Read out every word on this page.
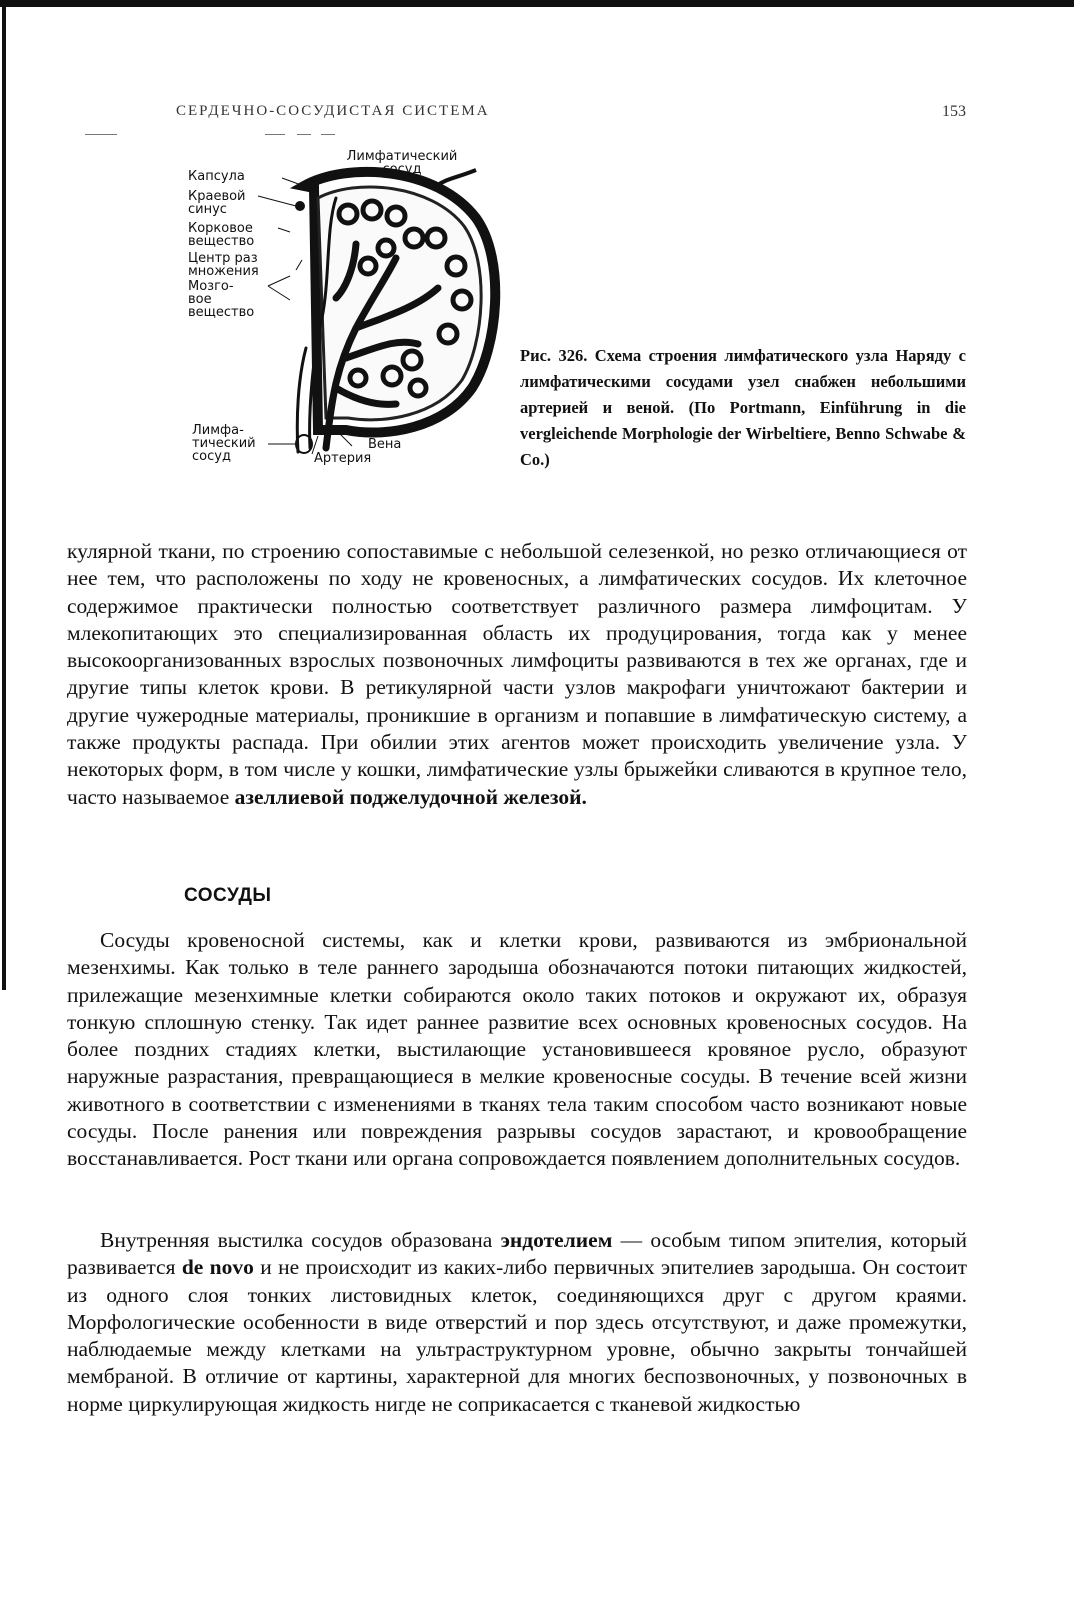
СЕРДЕЧНО-СОСУДИСТАЯ СИСТЕМА	153
Лимфатический
сосуд
Капсула
Краевой
синус
Корковое
вещество
Центр раз
множения
Мозго-
вое
вещество
Лимфа-
тический
сосуд
Вена
Артерия

Рис. 326. Схема строения лимфатического узла Наряду с лимфатическими сосудами узел снабжен небольшими артерией и веной. (По Portmann, Einführung in die vergleichende Morphologie der Wirbeltiere, Benno Schwabe & Co.)

кулярной ткани, по строению сопоставимые с небольшой селезенкой, но резко отличающиеся от нее тем, что расположены по ходу не кровеносных, а лимфатических сосудов. Их клеточное содержимое практически полностью соответствует различного размера лимфоцитам. У млекопитающих это специализированная область их продуцирования, тогда как у менее высокоорганизованных взрослых позвоночных лимфоциты развиваются в тех же органах, где и другие типы клеток крови. В ретикулярной части узлов макрофаги уничтожают бактерии и другие чужеродные материалы, проникшие в организм и попавшие в лимфатическую систему, а также продукты распада. При обилии этих агентов может происходить увеличение узла. У некоторых форм, в том числе у кошки, лимфатические узлы брыжейки сливаются в крупное тело, часто называемое азеллиевой поджелудочной железой.

СОСУДЫ

Сосуды кровеносной системы, как и клетки крови, развиваются из эмбриональной мезенхимы. Как только в теле раннего зародыша обозначаются потоки питающих жидкостей, прилежащие мезенхимные клетки собираются около таких потоков и окружают их, образуя тонкую сплошную стенку. Так идет раннее развитие всех основных кровеносных сосудов. На более поздних стадиях клетки, выстилающие установившееся кровяное русло, образуют наружные разрастания, превращающиеся в мелкие кровеносные сосуды. В течение всей жизни животного в соответствии с изменениями в тканях тела таким способом часто возникают новые сосуды. После ранения или повреждения разрывы сосудов зарастают, и кровообращение восстанавливается. Рост ткани или органа сопровождается появлением дополнительных сосудов.

Внутренняя выстилка сосудов образована эндотелием — особым типом эпителия, который развивается de novo и не происходит из каких-либо первичных эпителиев зародыша. Он состоит из одного слоя тонких листовидных клеток, соединяющихся друг с другом краями. Морфологические особенности в виде отверстий и пор здесь отсутствуют, и даже промежутки, наблюдаемые между клетками на ультраструктурном уровне, обычно закрыты тончайшей мембраной. В отличие от картины, характерной для многих беспозвоночных, у позвоночных в норме циркулирующая жидкость нигде не соприкасается с тканевой жидкостью
